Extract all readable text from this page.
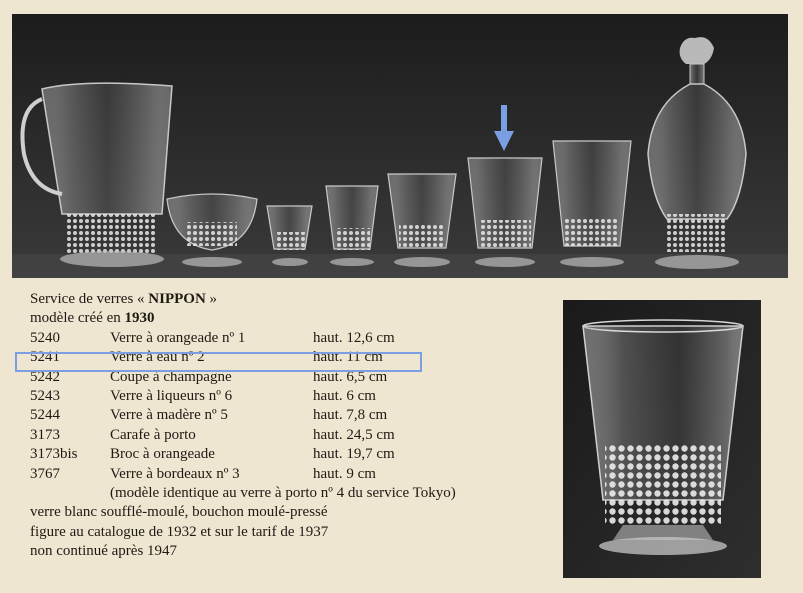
Service de verres « NIPPON »
modèle créé en 1930
5240	Verre à orangeade nº 1	haut. 12,6 cm
5241	Verre à eau nº 2	haut. 11 cm
5242	Coupe à champagne	haut. 6,5 cm
5243	Verre à liqueurs nº 6	haut. 6 cm
5244	Verre à madère nº 5	haut. 7,8 cm
3173	Carafe à porto	haut. 24,5 cm
3173bis Broc à orangeade	haut. 19,7 cm
3767	Verre à bordeaux nº 3	haut. 9 cm
(modèle identique au verre à porto nº 4 du service Tokyo)
verre blanc soufflé-moulé, bouchon moulé-pressé
figure au catalogue de 1932 et sur le tarif de 1937
non continué après 1947
